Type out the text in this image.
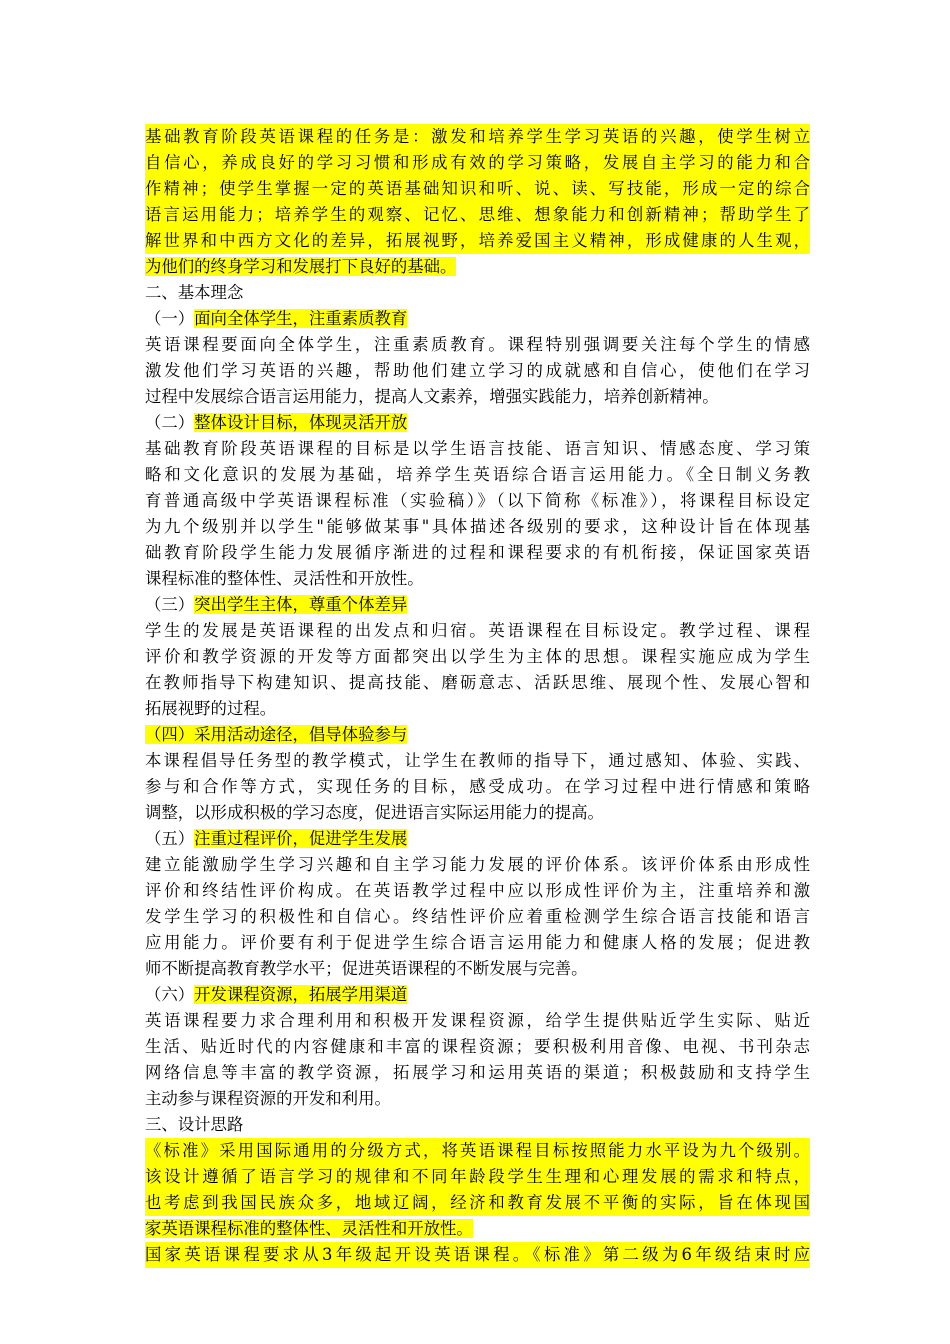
基础教育阶段英语课程的任务是：激发和培养学生学习英语的兴趣，使学生树立
自信心，养成良好的学习习惯和形成有效的学习策略，发展自主学习的能力和合
作精神；使学生掌握一定的英语基础知识和听、说、读、写技能，形成一定的综合
语言运用能力；培养学生的观察、记忆、思维、想象能力和创新精神；帮助学生了
解世界和中西方文化的差异，拓展视野，培养爱国主义精神，形成健康的人生观，
为他们的终身学习和发展打下良好的基础。
二、基本理念
（一）面向全体学生，注重素质教育
英语课程要面向全体学生，注重素质教育。课程特别强调要关注每个学生的情感
激发他们学习英语的兴趣，帮助他们建立学习的成就感和自信心，使他们在学习
过程中发展综合语言运用能力，提高人文素养，增强实践能力，培养创新精神。
（二）整体设计目标，体现灵活开放
基础教育阶段英语课程的目标是以学生语言技能、语言知识、情感态度、学习策
略和文化意识的发展为基础，培养学生英语综合语言运用能力。《全日制义务教
育普通高级中学英语课程标准（实验稿）》（以下简称《标准》），将课程目标设定
为九个级别并以学生"能够做某事"具体描述各级别的要求，这种设计旨在体现基
础教育阶段学生能力发展循序渐进的过程和课程要求的有机衔接，保证国家英语
课程标准的整体性、灵活性和开放性。
（三）突出学生主体，尊重个体差异
学生的发展是英语课程的出发点和归宿。英语课程在目标设定。教学过程、课程
评价和教学资源的开发等方面都突出以学生为主体的思想。课程实施应成为学生
在教师指导下构建知识、提高技能、磨砺意志、活跃思维、展现个性、发展心智和
拓展视野的过程。
（四）采用活动途径，倡导体验参与
本课程倡导任务型的教学模式，让学生在教师的指导下，通过感知、体验、实践、
参与和合作等方式，实现任务的目标，感受成功。在学习过程中进行情感和策略
调整，以形成积极的学习态度，促进语言实际运用能力的提高。
（五）注重过程评价，促进学生发展
建立能激励学生学习兴趣和自主学习能力发展的评价体系。该评价体系由形成性
评价和终结性评价构成。在英语教学过程中应以形成性评价为主，注重培养和激
发学生学习的积极性和自信心。终结性评价应着重检测学生综合语言技能和语言
应用能力。评价要有利于促进学生综合语言运用能力和健康人格的发展；促进教
师不断提高教育教学水平；促进英语课程的不断发展与完善。
（六）开发课程资源，拓展学用渠道
英语课程要力求合理利用和积极开发课程资源，给学生提供贴近学生实际、贴近
生活、贴近时代的内容健康和丰富的课程资源；要积极利用音像、电视、书刊杂志
网络信息等丰富的教学资源，拓展学习和运用英语的渠道；积极鼓励和支持学生
主动参与课程资源的开发和利用。
三、设计思路
《标准》采用国际通用的分级方式，将英语课程目标按照能力水平设为九个级别。
该设计遵循了语言学习的规律和不同年龄段学生生理和心理发展的需求和特点，
也考虑到我国民族众多，地域辽阔，经济和教育发展不平衡的实际，旨在体现国
家英语课程标准的整体性、灵活性和开放性。
国家英语课程要求从3年级起开设英语课程。《标准》第二级为6年级结束时应
